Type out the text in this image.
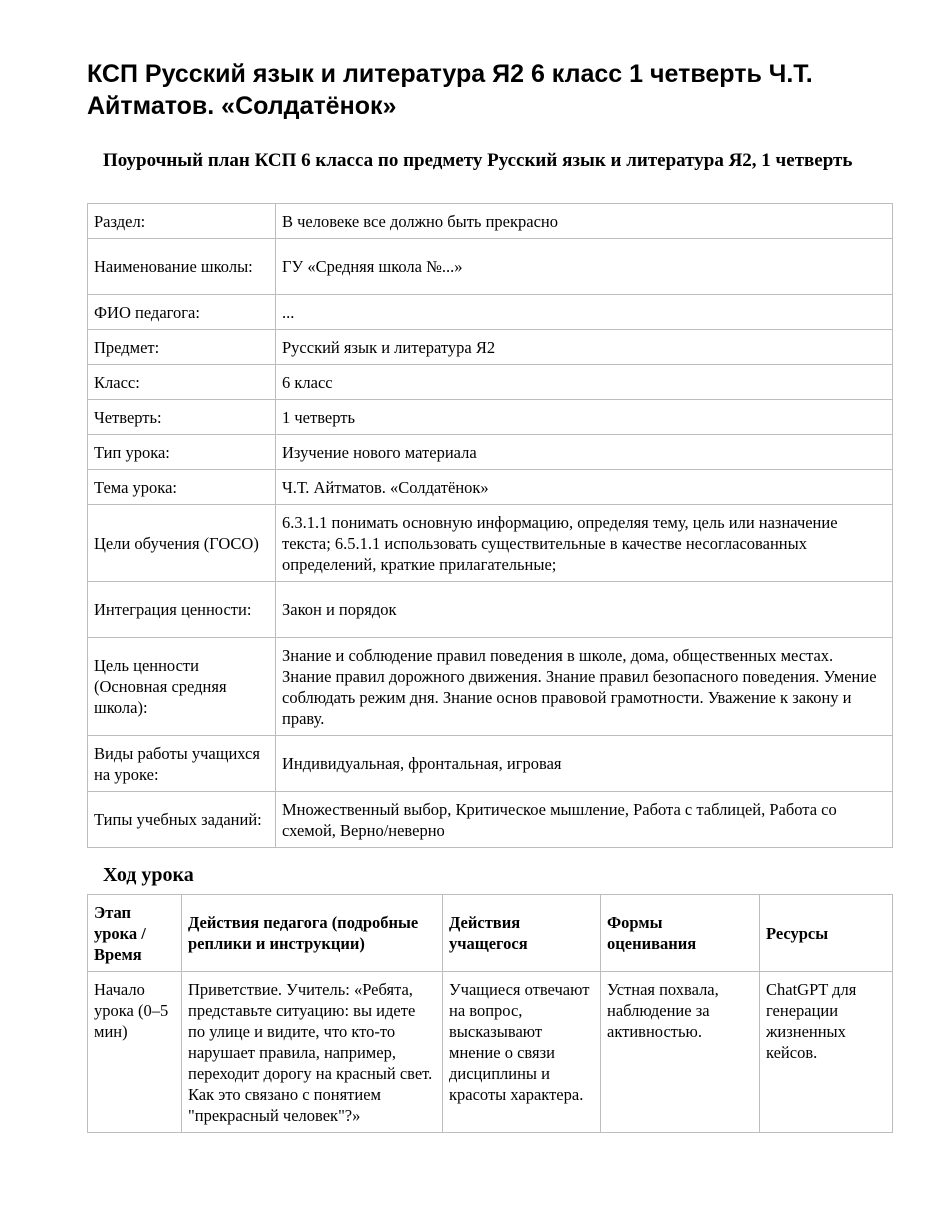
КСП Русский язык и литература Я2 6 класс 1 четверть Ч.Т. Айтматов. «Солдатёнок»
Поурочный план КСП 6 класса по предмету Русский язык и литература Я2, 1 четверть
Раздел:	В человеке все должно быть прекрасно
Наименование школы:	ГУ «Средняя школа №...»
ФИО педагога:	...
Предмет:	Русский язык и литература Я2
Класс:	6 класс
Четверть:	1 четверть
Тип урока:	Изучение нового материала
Тема урока:	Ч.Т. Айтматов. «Солдатёнок»
Цели обучения (ГОСО)	6.3.1.1 понимать основную информацию, определяя тему, цель или назначение текста; 6.5.1.1 использовать существительные в качестве несогласованных определений, краткие прилагательные;
Интеграция ценности:	Закон и порядок
Цель ценности (Основная средняя школа):	Знание и соблюдение правил поведения в школе, дома, общественных местах. Знание правил дорожного движения. Знание правил безопасного поведения. Умение соблюдать режим дня. Знание основ правовой грамотности. Уважение к закону и праву.
Виды работы учащихся на уроке:	Индивидуальная, фронтальная, игровая
Типы учебных заданий:	Множественный выбор, Критическое мышление, Работа с таблицей, Работа со схемой, Верно/неверно
Ход урока
Этап урока / Время	Действия педагога (подробные реплики и инструкции)	Действия учащегося	Формы оценивания	Ресурсы
Начало урока (0–5 мин)	Приветствие. Учитель: «Ребята, представьте ситуацию: вы идете по улице и видите, что кто-то нарушает правила, например, переходит дорогу на красный свет. Как это связано с понятием "прекрасный человек"?»	Учащиеся отвечают на вопрос, высказывают мнение о связи дисциплины и красоты характера.	Устная похвала, наблюдение за активностью.	ChatGPT для генерации жизненных кейсов.
